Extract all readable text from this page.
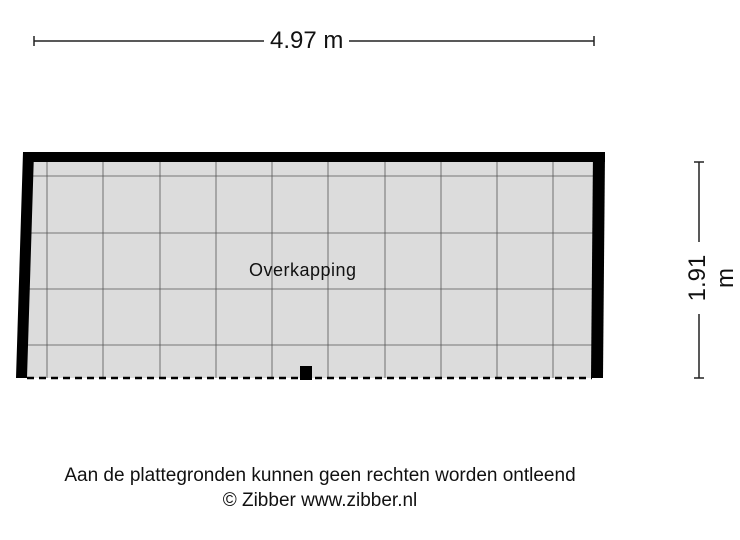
4.97 m
1.91 m
Overkapping
Aan de plattegronden kunnen geen rechten worden ontleend
© Zibber www.zibber.nl
